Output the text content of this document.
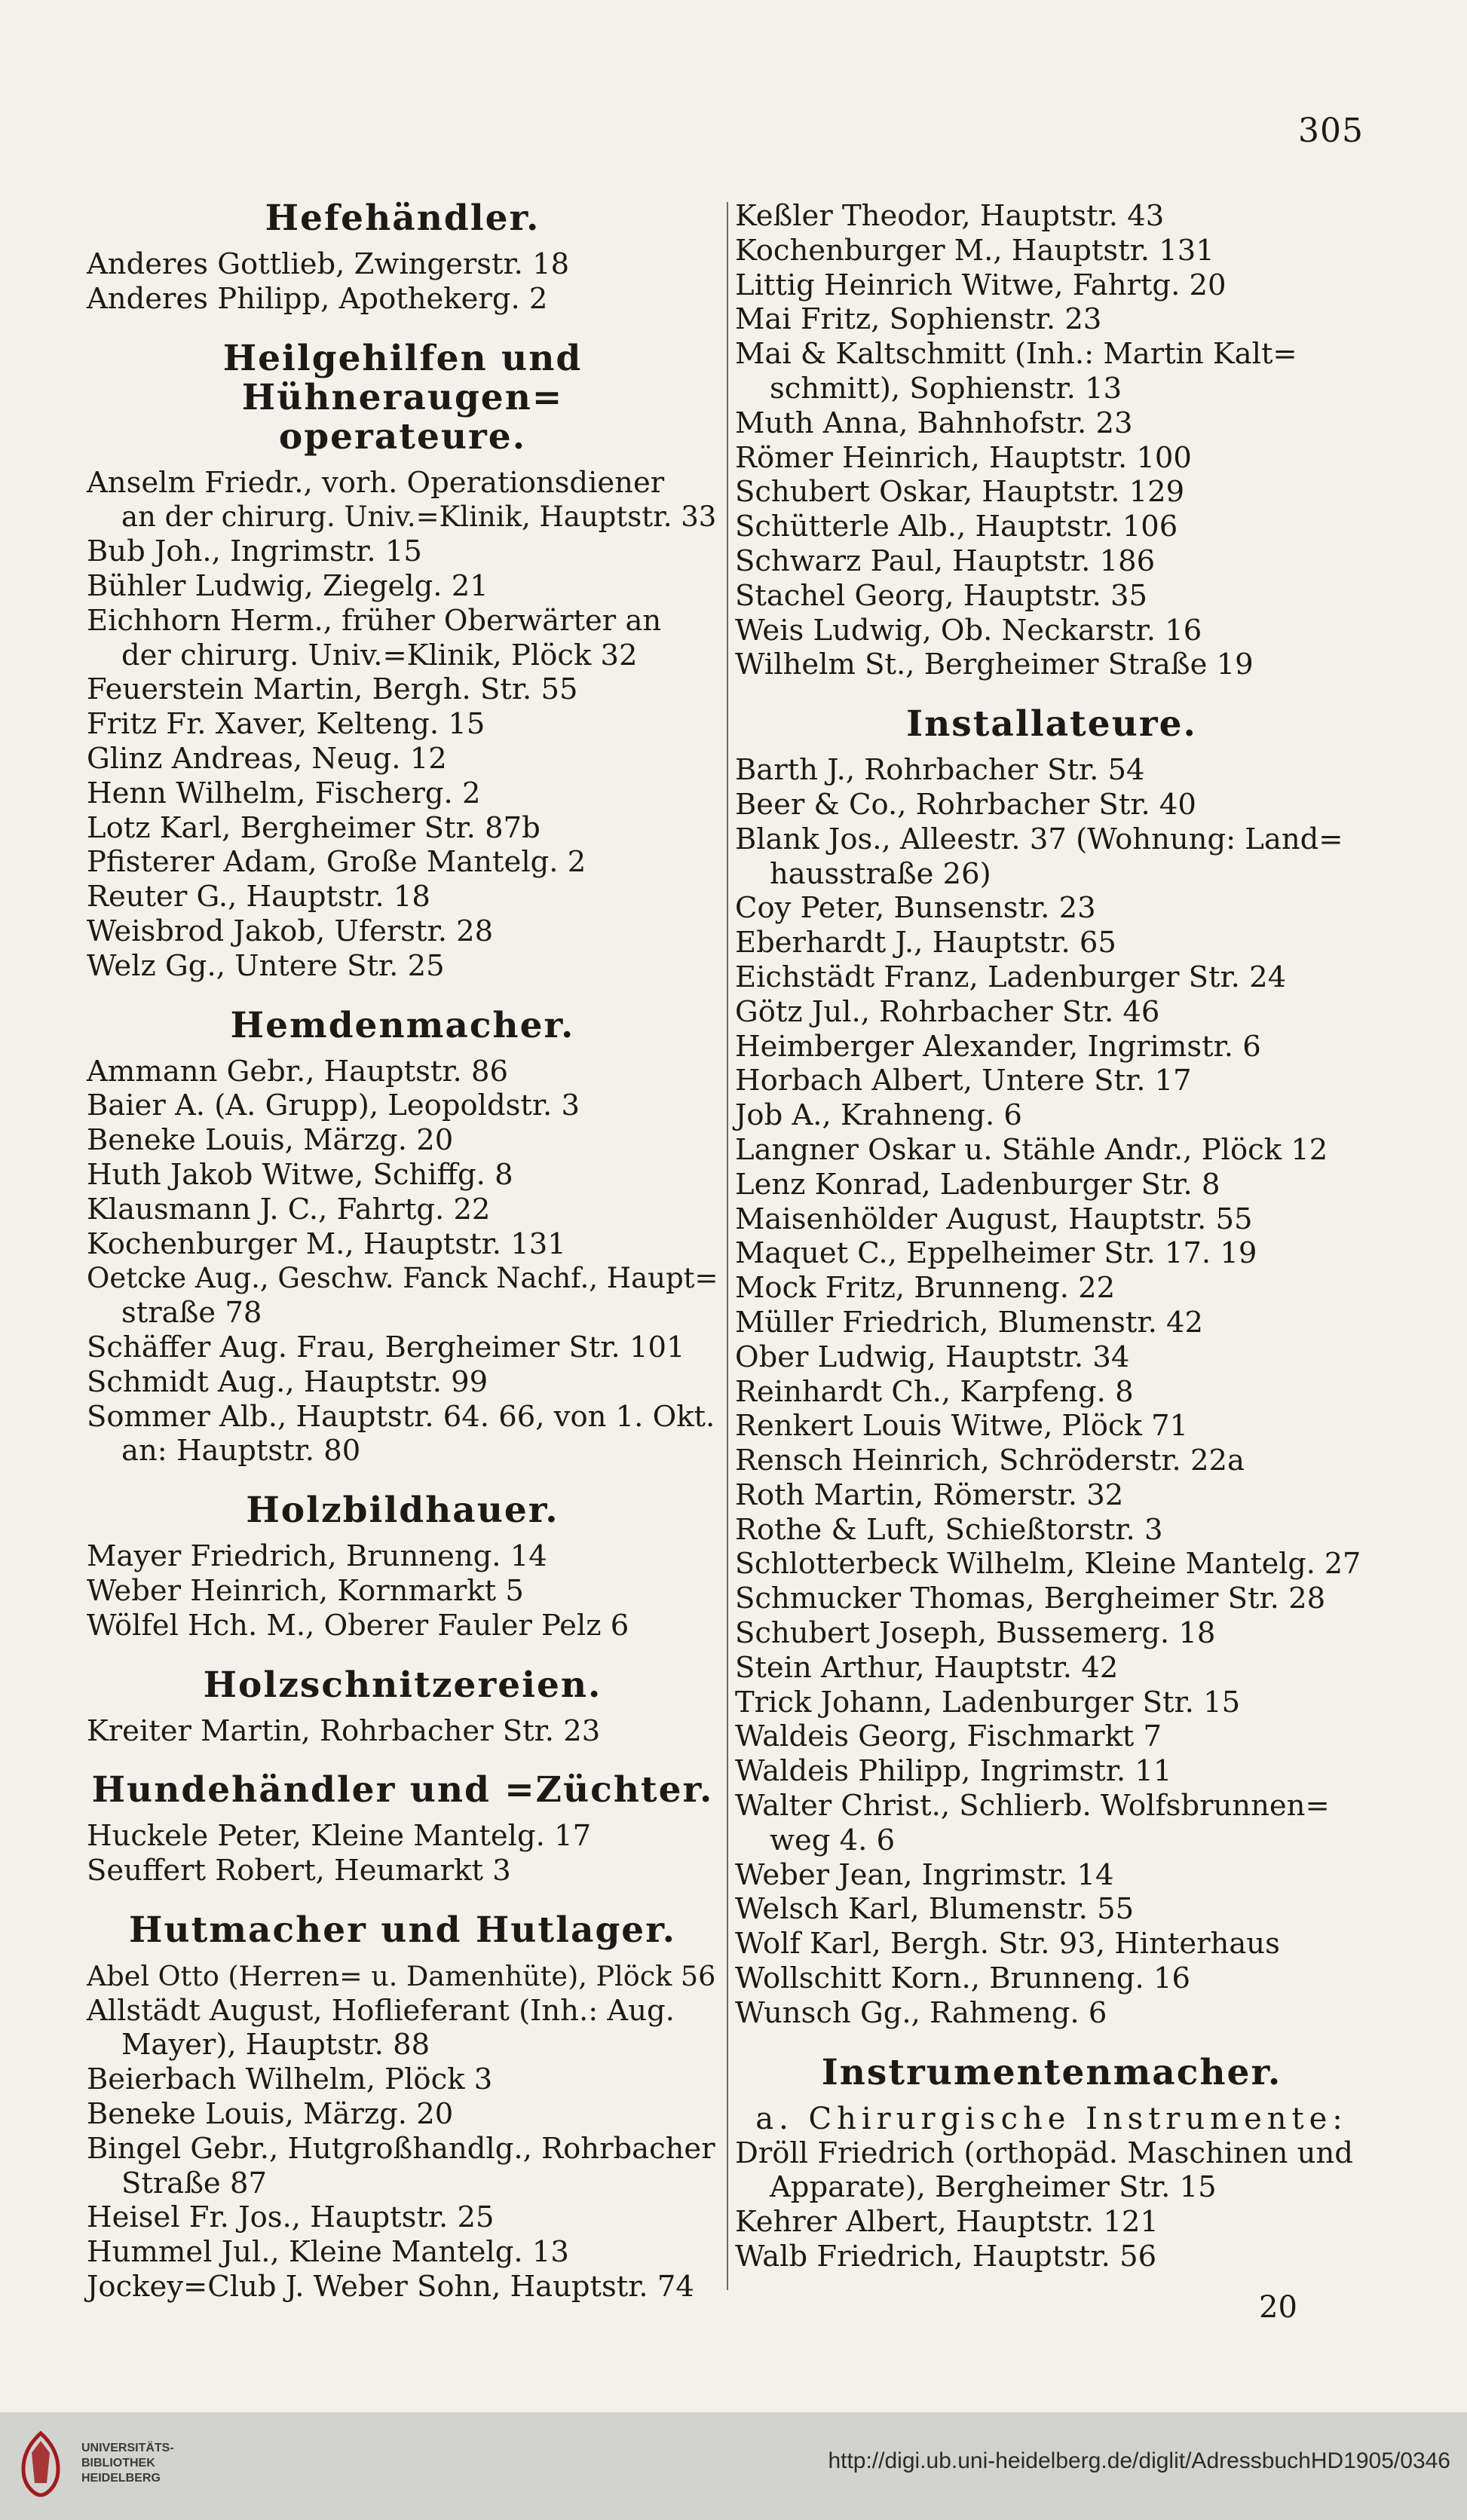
305
Hefehändler.
Anderes Gottlieb, Zwingerstr. 18
Anderes Philipp, Apothekerg. 2
Heilgehilfen und Hühneraugen=
operateure.
Anselm Friedr., vorh. Operationsdiener
an der chirurg. Univ.=Klinik, Hauptstr. 33
Bub Joh., Ingrimstr. 15
Bühler Ludwig, Ziegelg. 21
Eichhorn Herm., früher Oberwärter an
der chirurg. Univ.=Klinik, Plöck 32
Feuerstein Martin, Bergh. Str. 55
Fritz Fr. Xaver, Kelteng. 15
Glinz Andreas, Neug. 12
Henn Wilhelm, Fischerg. 2
Lotz Karl, Bergheimer Str. 87b
Pfisterer Adam, Große Mantelg. 2
Reuter G., Hauptstr. 18
Weisbrod Jakob, Uferstr. 28
Welz Gg., Untere Str. 25
Hemdenmacher.
Ammann Gebr., Hauptstr. 86
Baier A. (A. Grupp), Leopoldstr. 3
Beneke Louis, Märzg. 20
Huth Jakob Witwe, Schiffg. 8
Klausmann J. C., Fahrtg. 22
Kochenburger M., Hauptstr. 131
Oetcke Aug., Geschw. Fanck Nachf., Haupt=
straße 78
Schäffer Aug. Frau, Bergheimer Str. 101
Schmidt Aug., Hauptstr. 99
Sommer Alb., Hauptstr. 64. 66, von 1. Okt.
an: Hauptstr. 80
Holzbildhauer.
Mayer Friedrich, Brunneng. 14
Weber Heinrich, Kornmarkt 5
Wölfel Hch. M., Oberer Fauler Pelz 6
Holzschnitzereien.
Kreiter Martin, Rohrbacher Str. 23
Hundehändler und =Züchter.
Huckele Peter, Kleine Mantelg. 17
Seuffert Robert, Heumarkt 3
Hutmacher und Hutlager.
Abel Otto (Herren= u. Damenhüte), Plöck 56
Allstädt August, Hoflieferant (Inh.: Aug.
Mayer), Hauptstr. 88
Beierbach Wilhelm, Plöck 3
Beneke Louis, Märzg. 20
Bingel Gebr., Hutgroßhandlg., Rohrbacher
Straße 87
Heisel Fr. Jos., Hauptstr. 25
Hummel Jul., Kleine Mantelg. 13
Jockey=Club J. Weber Sohn, Hauptstr. 74
Keßler Theodor, Hauptstr. 43
Kochenburger M., Hauptstr. 131
Littig Heinrich Witwe, Fahrtg. 20
Mai Fritz, Sophienstr. 23
Mai & Kaltschmitt (Inh.: Martin Kalt=
schmitt), Sophienstr. 13
Muth Anna, Bahnhofstr. 23
Römer Heinrich, Hauptstr. 100
Schubert Oskar, Hauptstr. 129
Schütterle Alb., Hauptstr. 106
Schwarz Paul, Hauptstr. 186
Stachel Georg, Hauptstr. 35
Weis Ludwig, Ob. Neckarstr. 16
Wilhelm St., Bergheimer Straße 19
Installateure.
Barth J., Rohrbacher Str. 54
Beer & Co., Rohrbacher Str. 40
Blank Jos., Alleestr. 37 (Wohnung: Land=
hausstraße 26)
Coy Peter, Bunsenstr. 23
Eberhardt J., Hauptstr. 65
Eichstädt Franz, Ladenburger Str. 24
Götz Jul., Rohrbacher Str. 46
Heimberger Alexander, Ingrimstr. 6
Horbach Albert, Untere Str. 17
Job A., Krahneng. 6
Langner Oskar u. Stähle Andr., Plöck 12
Lenz Konrad, Ladenburger Str. 8
Maisenhölder August, Hauptstr. 55
Maquet C., Eppelheimer Str. 17. 19
Mock Fritz, Brunneng. 22
Müller Friedrich, Blumenstr. 42
Ober Ludwig, Hauptstr. 34
Reinhardt Ch., Karpfeng. 8
Renkert Louis Witwe, Plöck 71
Rensch Heinrich, Schröderstr. 22a
Roth Martin, Römerstr. 32
Rothe & Luft, Schießtorstr. 3
Schlotterbeck Wilhelm, Kleine Mantelg. 27
Schmucker Thomas, Bergheimer Str. 28
Schubert Joseph, Bussemerg. 18
Stein Arthur, Hauptstr. 42
Trick Johann, Ladenburger Str. 15
Waldeis Georg, Fischmarkt 7
Waldeis Philipp, Ingrimstr. 11
Walter Christ., Schlierb. Wolfsbrunnen=
weg 4. 6
Weber Jean, Ingrimstr. 14
Welsch Karl, Blumenstr. 55
Wolf Karl, Bergh. Str. 93, Hinterhaus
Wollschitt Korn., Brunneng. 16
Wunsch Gg., Rahmeng. 6
Instrumentenmacher.
a. Chirurgische Instrumente:
Dröll Friedrich (orthopäd. Maschinen und
Apparate), Bergheimer Str. 15
Kehrer Albert, Hauptstr. 121
Walb Friedrich, Hauptstr. 56
20
UNIVERSITÄTS-
BIBLIOTHEK
HEIDELBERG
http://digi.ub.uni-heidelberg.de/diglit/AdressbuchHD1905/0346
